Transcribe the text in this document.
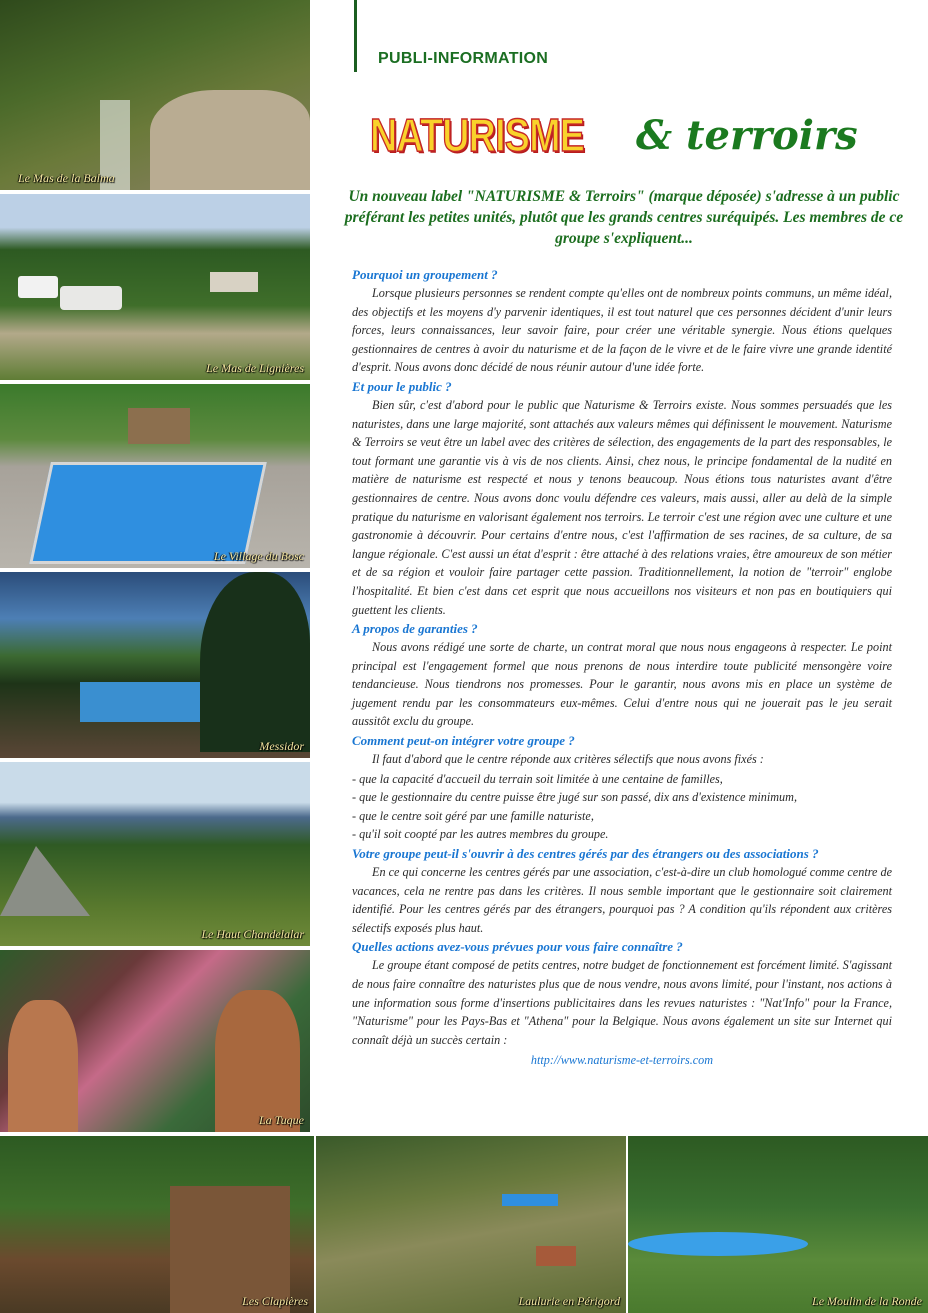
Le Mas de la Balma
Le Mas de Lignières
Le Village du Bosc
Messidor
Le Haut Chandelalar
La Tuque
Les Clapières	Laulurie en Périgord	Le Moulin de la Ronde
PUBLI-INFORMATION
NATURISME & terroirs
Un nouveau label "NATURISME & Terroirs" (marque déposée) s'adresse à un public préférant les petites unités, plutôt que les grands centres suréquipés. Les membres de ce groupe s'expliquent...
Pourquoi un groupement ?

Lorsque plusieurs personnes se rendent compte qu'elles ont de nombreux points communs, un même idéal, des objectifs et les moyens d'y parvenir identiques, il est tout naturel que ces personnes décident d'unir leurs forces, leurs connaissances, leur savoir faire, pour créer une véritable synergie. Nous étions quelques gestionnaires de centres à avoir du naturisme et de la façon de le vivre et de le faire vivre une grande identité d'esprit. Nous avons donc décidé de nous réunir autour d'une idée forte.

Et pour le public ?

Bien sûr, c'est d'abord pour le public que Naturisme & Terroirs existe. Nous sommes persuadés que les naturistes, dans une large majorité, sont attachés aux valeurs mêmes qui définissent le mouvement. Naturisme & Terroirs se veut être un label avec des critères de sélection, des engagements de la part des responsables, le tout formant une garantie vis à vis de nos clients. Ainsi, chez nous, le principe fondamental de la nudité en matière de naturisme est respecté et nous y tenons beaucoup. Nous étions tous naturistes avant d'être gestionnaires de centre. Nous avons donc voulu défendre ces valeurs, mais aussi, aller au delà de la simple pratique du naturisme en valorisant également nos terroirs. Le terroir c'est une région avec une culture et une gastronomie à découvrir. Pour certains d'entre nous, c'est l'affirmation de ses racines, de sa culture, de sa langue régionale. C'est aussi un état d'esprit : être attaché à des relations vraies, être amoureux de son métier et de sa région et vouloir faire partager cette passion. Traditionnellement, la notion de "terroir" englobe l'hospitalité. Et bien c'est dans cet esprit que nous accueillons nos visiteurs et non pas en boutiquiers qui guettent les clients.

A propos de garanties ?

Nous avons rédigé une sorte de charte, un contrat moral que nous nous engageons à respecter. Le point principal est l'engagement formel que nous prenons de nous interdire toute publicité mensongère voire tendancieuse. Nous tiendrons nos promesses. Pour le garantir, nous avons mis en place un système de jugement rendu par les consommateurs eux-mêmes. Celui d'entre nous qui ne jouerait pas le jeu serait aussitôt exclu du groupe.

Comment peut-on intégrer votre groupe ?

Il faut d'abord que le centre réponde aux critères sélectifs que nous avons fixés :

- que la capacité d'accueil du terrain soit limitée à une centaine de familles,
- que le gestionnaire du centre puisse être jugé sur son passé, dix ans d'existence minimum,
- que le centre soit géré par une famille naturiste,
- qu'il soit coopté par les autres membres du groupe.
Votre groupe peut-il s'ouvrir à des centres gérés par des étrangers ou des associations ?

En ce qui concerne les centres gérés par une association, c'est-à-dire un club homologué comme centre de vacances, cela ne rentre pas dans les critères. Il nous semble important que le gestionnaire soit clairement identifié. Pour les centres gérés par des étrangers, pourquoi pas ? A condition qu'ils répondent aux critères sélectifs exposés plus haut.

Quelles actions avez-vous prévues pour vous faire connaître ?

Le groupe étant composé de petits centres, notre budget de fonctionnement est forcément limité. S'agissant de nous faire connaître des naturistes plus que de nous vendre, nous avons limité, pour l'instant, nos actions à une information sous forme d'insertions publicitaires dans les revues naturistes : "Nat'Info" pour la France, "Naturisme" pour les Pays-Bas et "Athena" pour la Belgique. Nous avons également un site sur Internet qui connaît déjà un succès certain :

http://www.naturisme-et-terroirs.com
